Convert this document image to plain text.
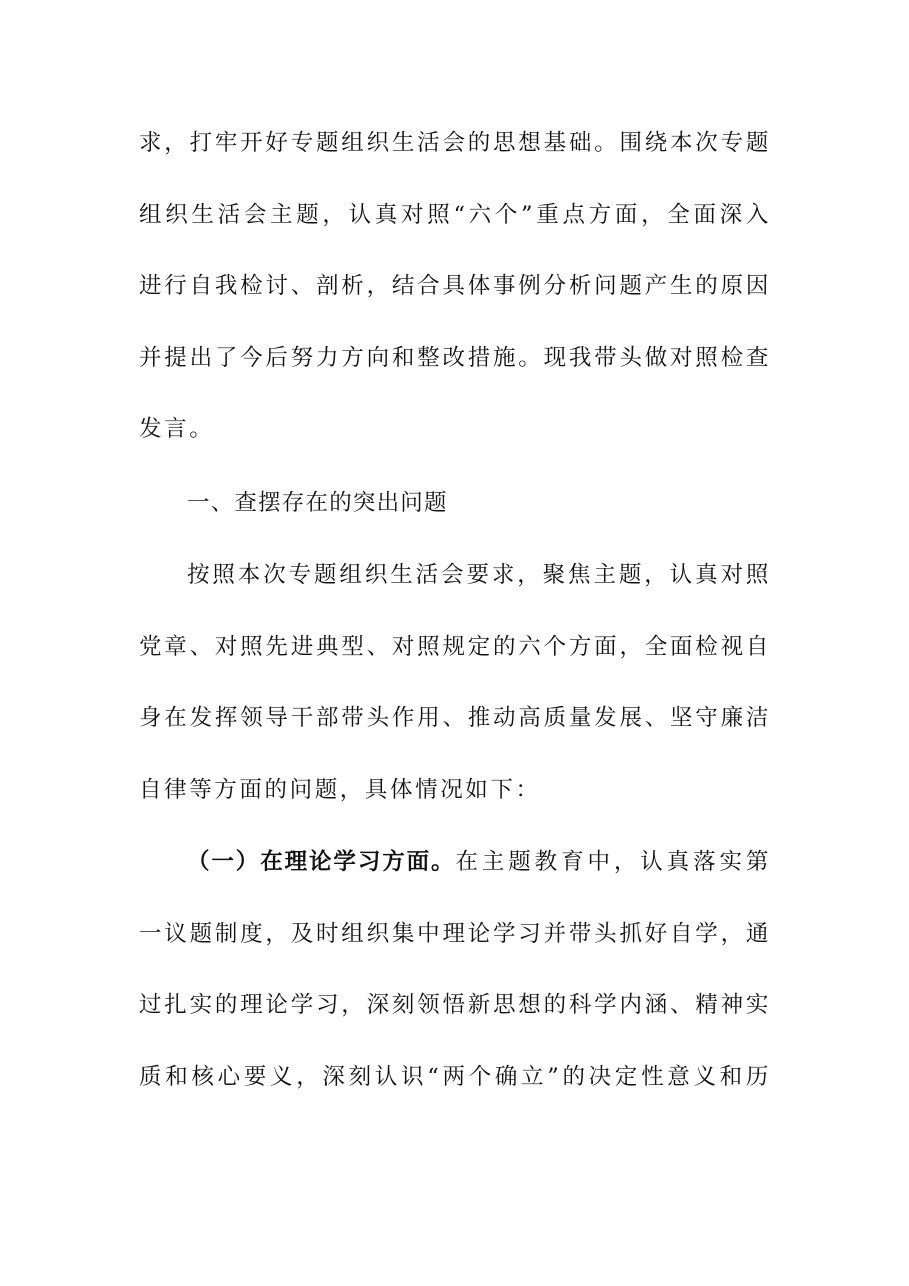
求，打牢开好专题组织生活会的思想基础。围绕本次专题
组织生活会主题，认真对照“六个”重点方面，全面深入
进行自我检讨、剖析，结合具体事例分析问题产生的原因
并提出了今后努力方向和整改措施。现我带头做对照检查
发言。
一、查摆存在的突出问题
按照本次专题组织生活会要求，聚焦主题，认真对照
党章、对照先进典型、对照规定的六个方面，全面检视自
身在发挥领导干部带头作用、推动高质量发展、坚守廉洁
自律等方面的问题，具体情况如下：
（一）在理论学习方面。在主题教育中，认真落实第
一议题制度，及时组织集中理论学习并带头抓好自学，通
过扎实的理论学习，深刻领悟新思想的科学内涵、精神实
质和核心要义，深刻认识“两个确立”的决定性意义和历
